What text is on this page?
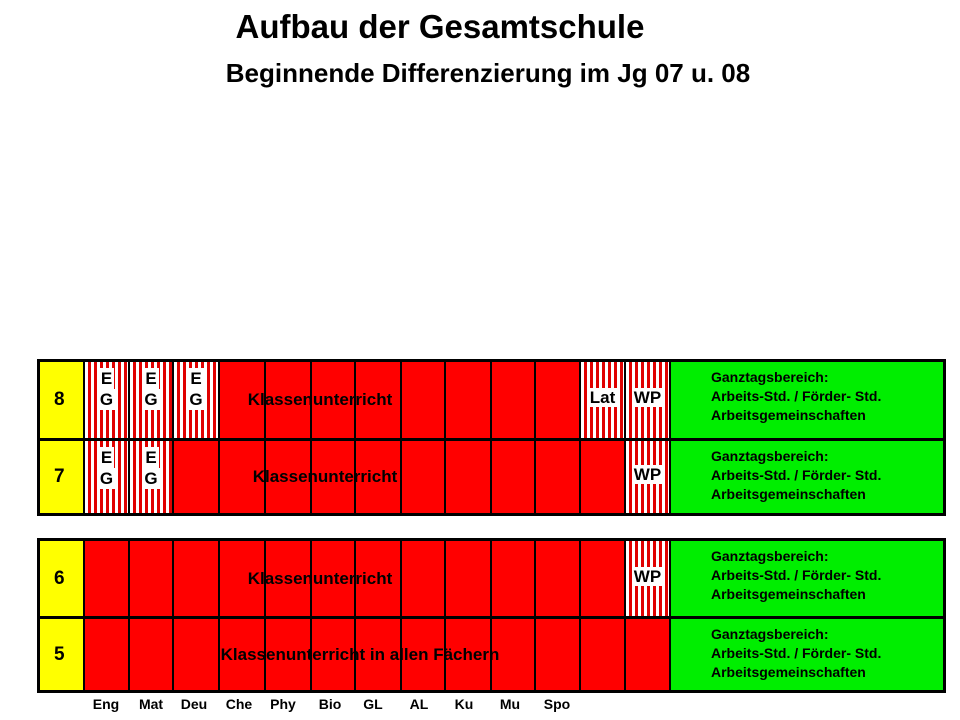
Aufbau der Gesamtschule
Beginnende Differenzierung im Jg 07 u. 08
8
E
G
E
G
E
G	Lat	WP
Ganztagsbereich:
Arbeits-Std. / Förder- Std.
Arbeitsgemeinschaften
Klassenunterricht
7
E
G
E
G	WP
Ganztagsbereich:
Arbeits-Std. / Förder- Std.
Arbeitsgemeinschaften
Klassenunterricht
6	WP
Ganztagsbereich:
Arbeits-Std. / Förder- Std.
Arbeitsgemeinschaften
Klassenunterricht
5
Ganztagsbereich:
Arbeits-Std. / Förder- Std.
Arbeitsgemeinschaften
Klassenunterricht in allen Fächern
Eng	Mat	Deu	Che	Phy	Bio	GL	AL	Ku	Mu	Spo
